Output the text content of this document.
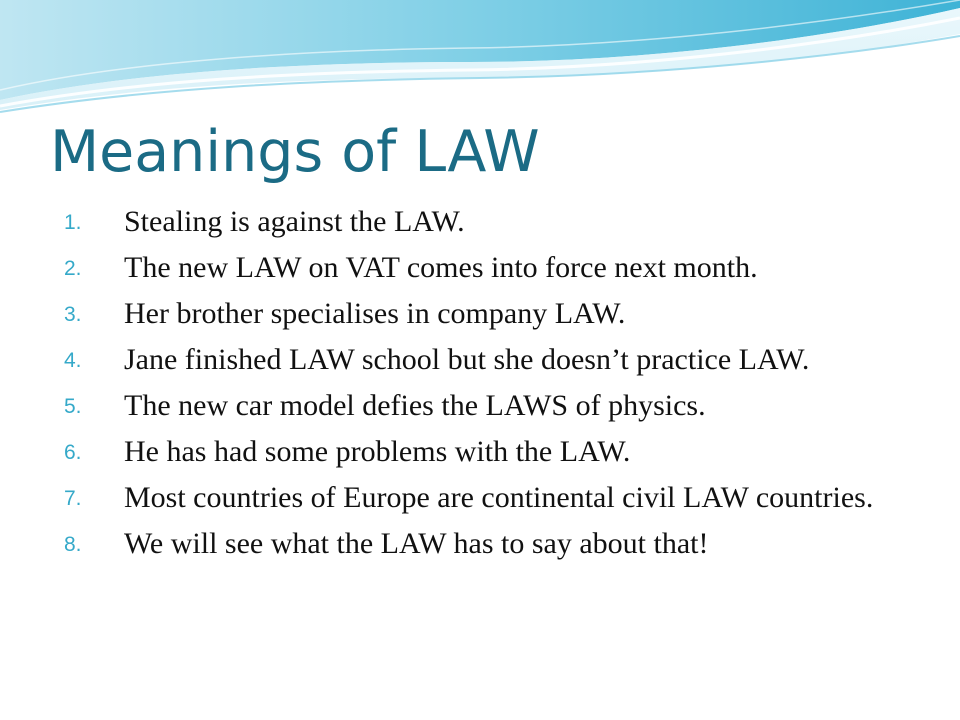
Meanings of LAW
1. Stealing is against the LAW.
2. The new LAW on VAT comes into force next month.
3. Her brother specialises in company LAW.
4. Jane finished LAW school but she doesn’t practice LAW.
5. The new car model defies the LAWS of physics.
6. He has had some problems with the LAW.
7. Most countries of Europe are continental civil LAW countries.
8. We will see what the LAW has to say about that!
